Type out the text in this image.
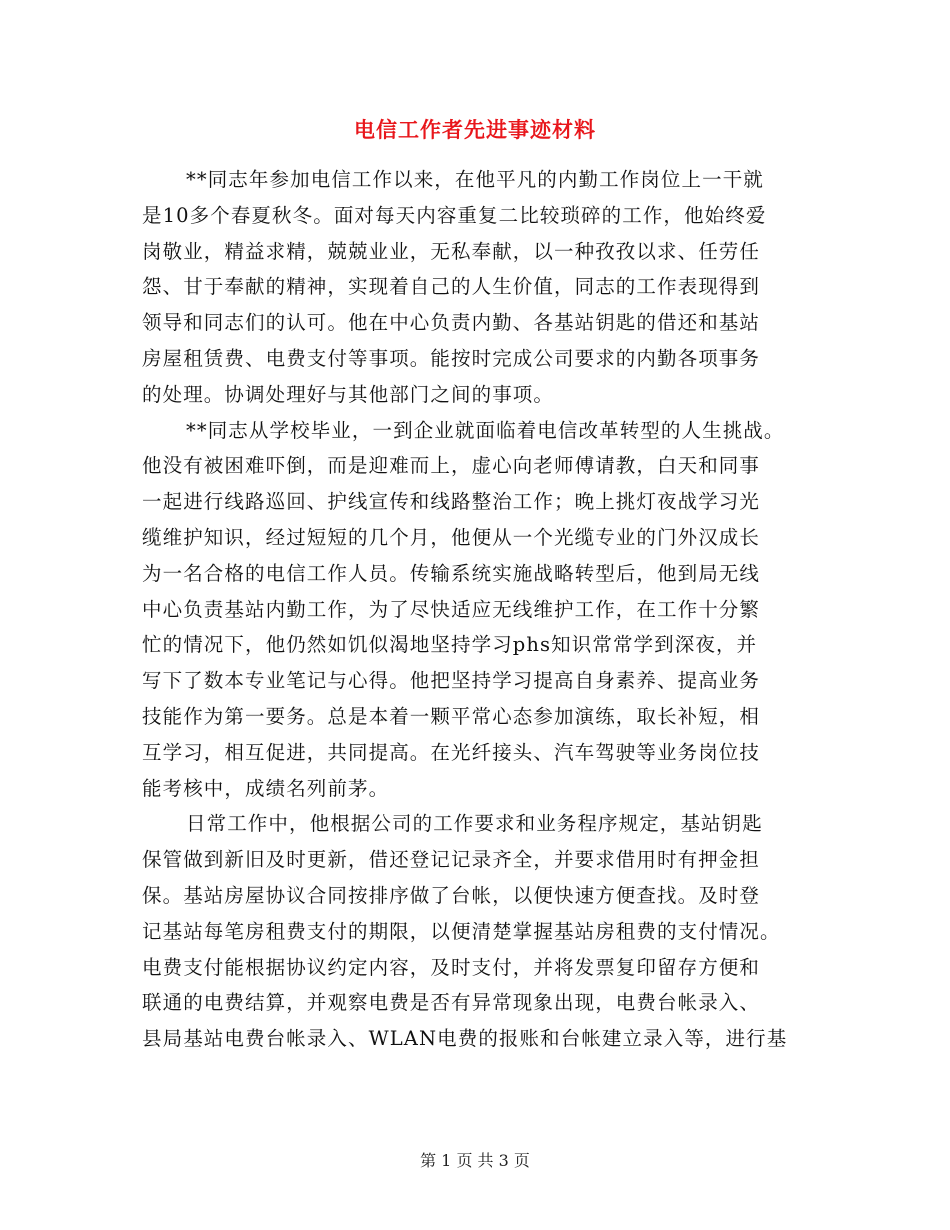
电信工作者先进事迹材料

**同志年参加电信工作以来，在他平凡的内勤工作岗位上一干就
是10多个春夏秋冬。面对每天内容重复二比较琐碎的工作，他始终爱
岗敬业，精益求精，兢兢业业，无私奉献，以一种孜孜以求、任劳任
怨、甘于奉献的精神，实现着自己的人生价值，同志的工作表现得到
领导和同志们的认可。他在中心负责内勤、各基站钥匙的借还和基站
房屋租赁费、电费支付等事项。能按时完成公司要求的内勤各项事务
的处理。协调处理好与其他部门之间的事项。

**同志从学校毕业，一到企业就面临着电信改革转型的人生挑战。
他没有被困难吓倒，而是迎难而上，虚心向老师傅请教，白天和同事
一起进行线路巡回、护线宣传和线路整治工作；晚上挑灯夜战学习光
缆维护知识，经过短短的几个月，他便从一个光缆专业的门外汉成长
为一名合格的电信工作人员。传输系统实施战略转型后，他到局无线
中心负责基站内勤工作，为了尽快适应无线维护工作，在工作十分繁
忙的情况下，他仍然如饥似渴地坚持学习phs知识常常学到深夜，并
写下了数本专业笔记与心得。他把坚持学习提高自身素养、提高业务
技能作为第一要务。总是本着一颗平常心态参加演练，取长补短，相
互学习，相互促进，共同提高。在光纤接头、汽车驾驶等业务岗位技
能考核中，成绩名列前茅。

日常工作中，他根据公司的工作要求和业务程序规定，基站钥匙
保管做到新旧及时更新，借还登记记录齐全，并要求借用时有押金担
保。基站房屋协议合同按排序做了台帐，以便快速方便查找。及时登
记基站每笔房租费支付的期限，以便清楚掌握基站房租费的支付情况。
电费支付能根据协议约定内容，及时支付，并将发票复印留存方便和
联通的电费结算，并观察电费是否有异常现象出现，电费台帐录入、
县局基站电费台帐录入、WLAN电费的报账和台帐建立录入等，进行基

第 1 页 共 3 页
